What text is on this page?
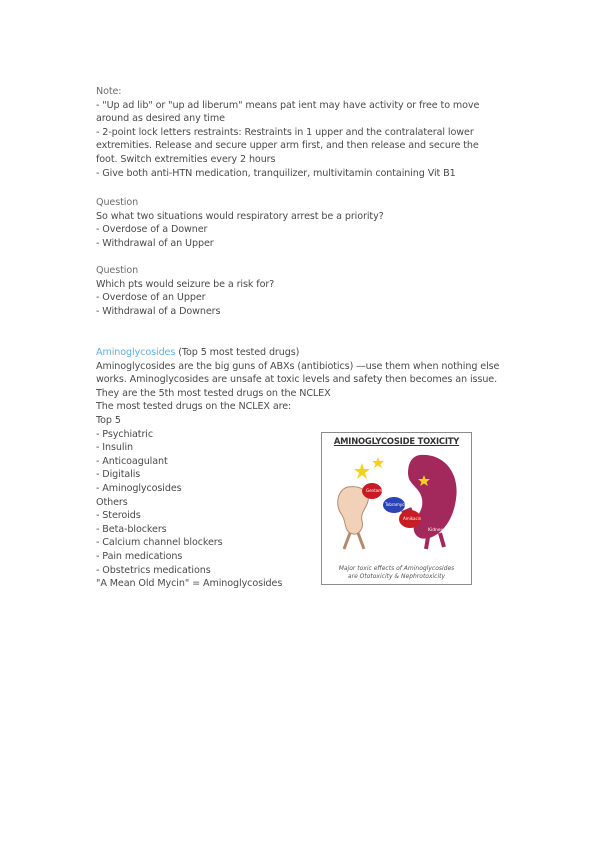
Note:
- "Up ad lib" or "up ad liberum" means pat ient may have activity or free to move
around as desired any time
- 2-point lock letters restraints: Restraints in 1 upper and the contralateral lower
extremities. Release and secure upper arm first, and then release and secure the
foot. Switch extremities every 2 hours
- Give both anti-HTN medication, tranquilizer, multivitamin containing Vit B1
Question
So what two situations would respiratory arrest be a priority?
- Overdose of a Downer
- Withdrawal of an Upper
Question
Which pts would seizure be a risk for?
- Overdose of an Upper
- Withdrawal of a Downers
Aminoglycosides (Top 5 most tested drugs)
Aminoglycosides are the big guns of ABXs (antibiotics) —use them when nothing else
works. Aminoglycosides are unsafe at toxic levels and safety then becomes an issue.
They are the 5th most tested drugs on the NCLEX
The most tested drugs on the NCLEX are:
Top 5
- Psychiatric
- Insulin
- Anticoagulant
- Digitalis
- Aminoglycosides
Others
- Steroids
- Beta-blockers
- Calcium channel blockers
- Pain medications
- Obstetrics medications
"A Mean Old Mycin" = Aminoglycosides
AMINOGLYCOSIDE TOXICITY
Gentamicin
Tobramycin
Amikacin
Kidneys
Major toxic effects of Aminoglycosides
are Ototoxicity & Nephrotoxicity
